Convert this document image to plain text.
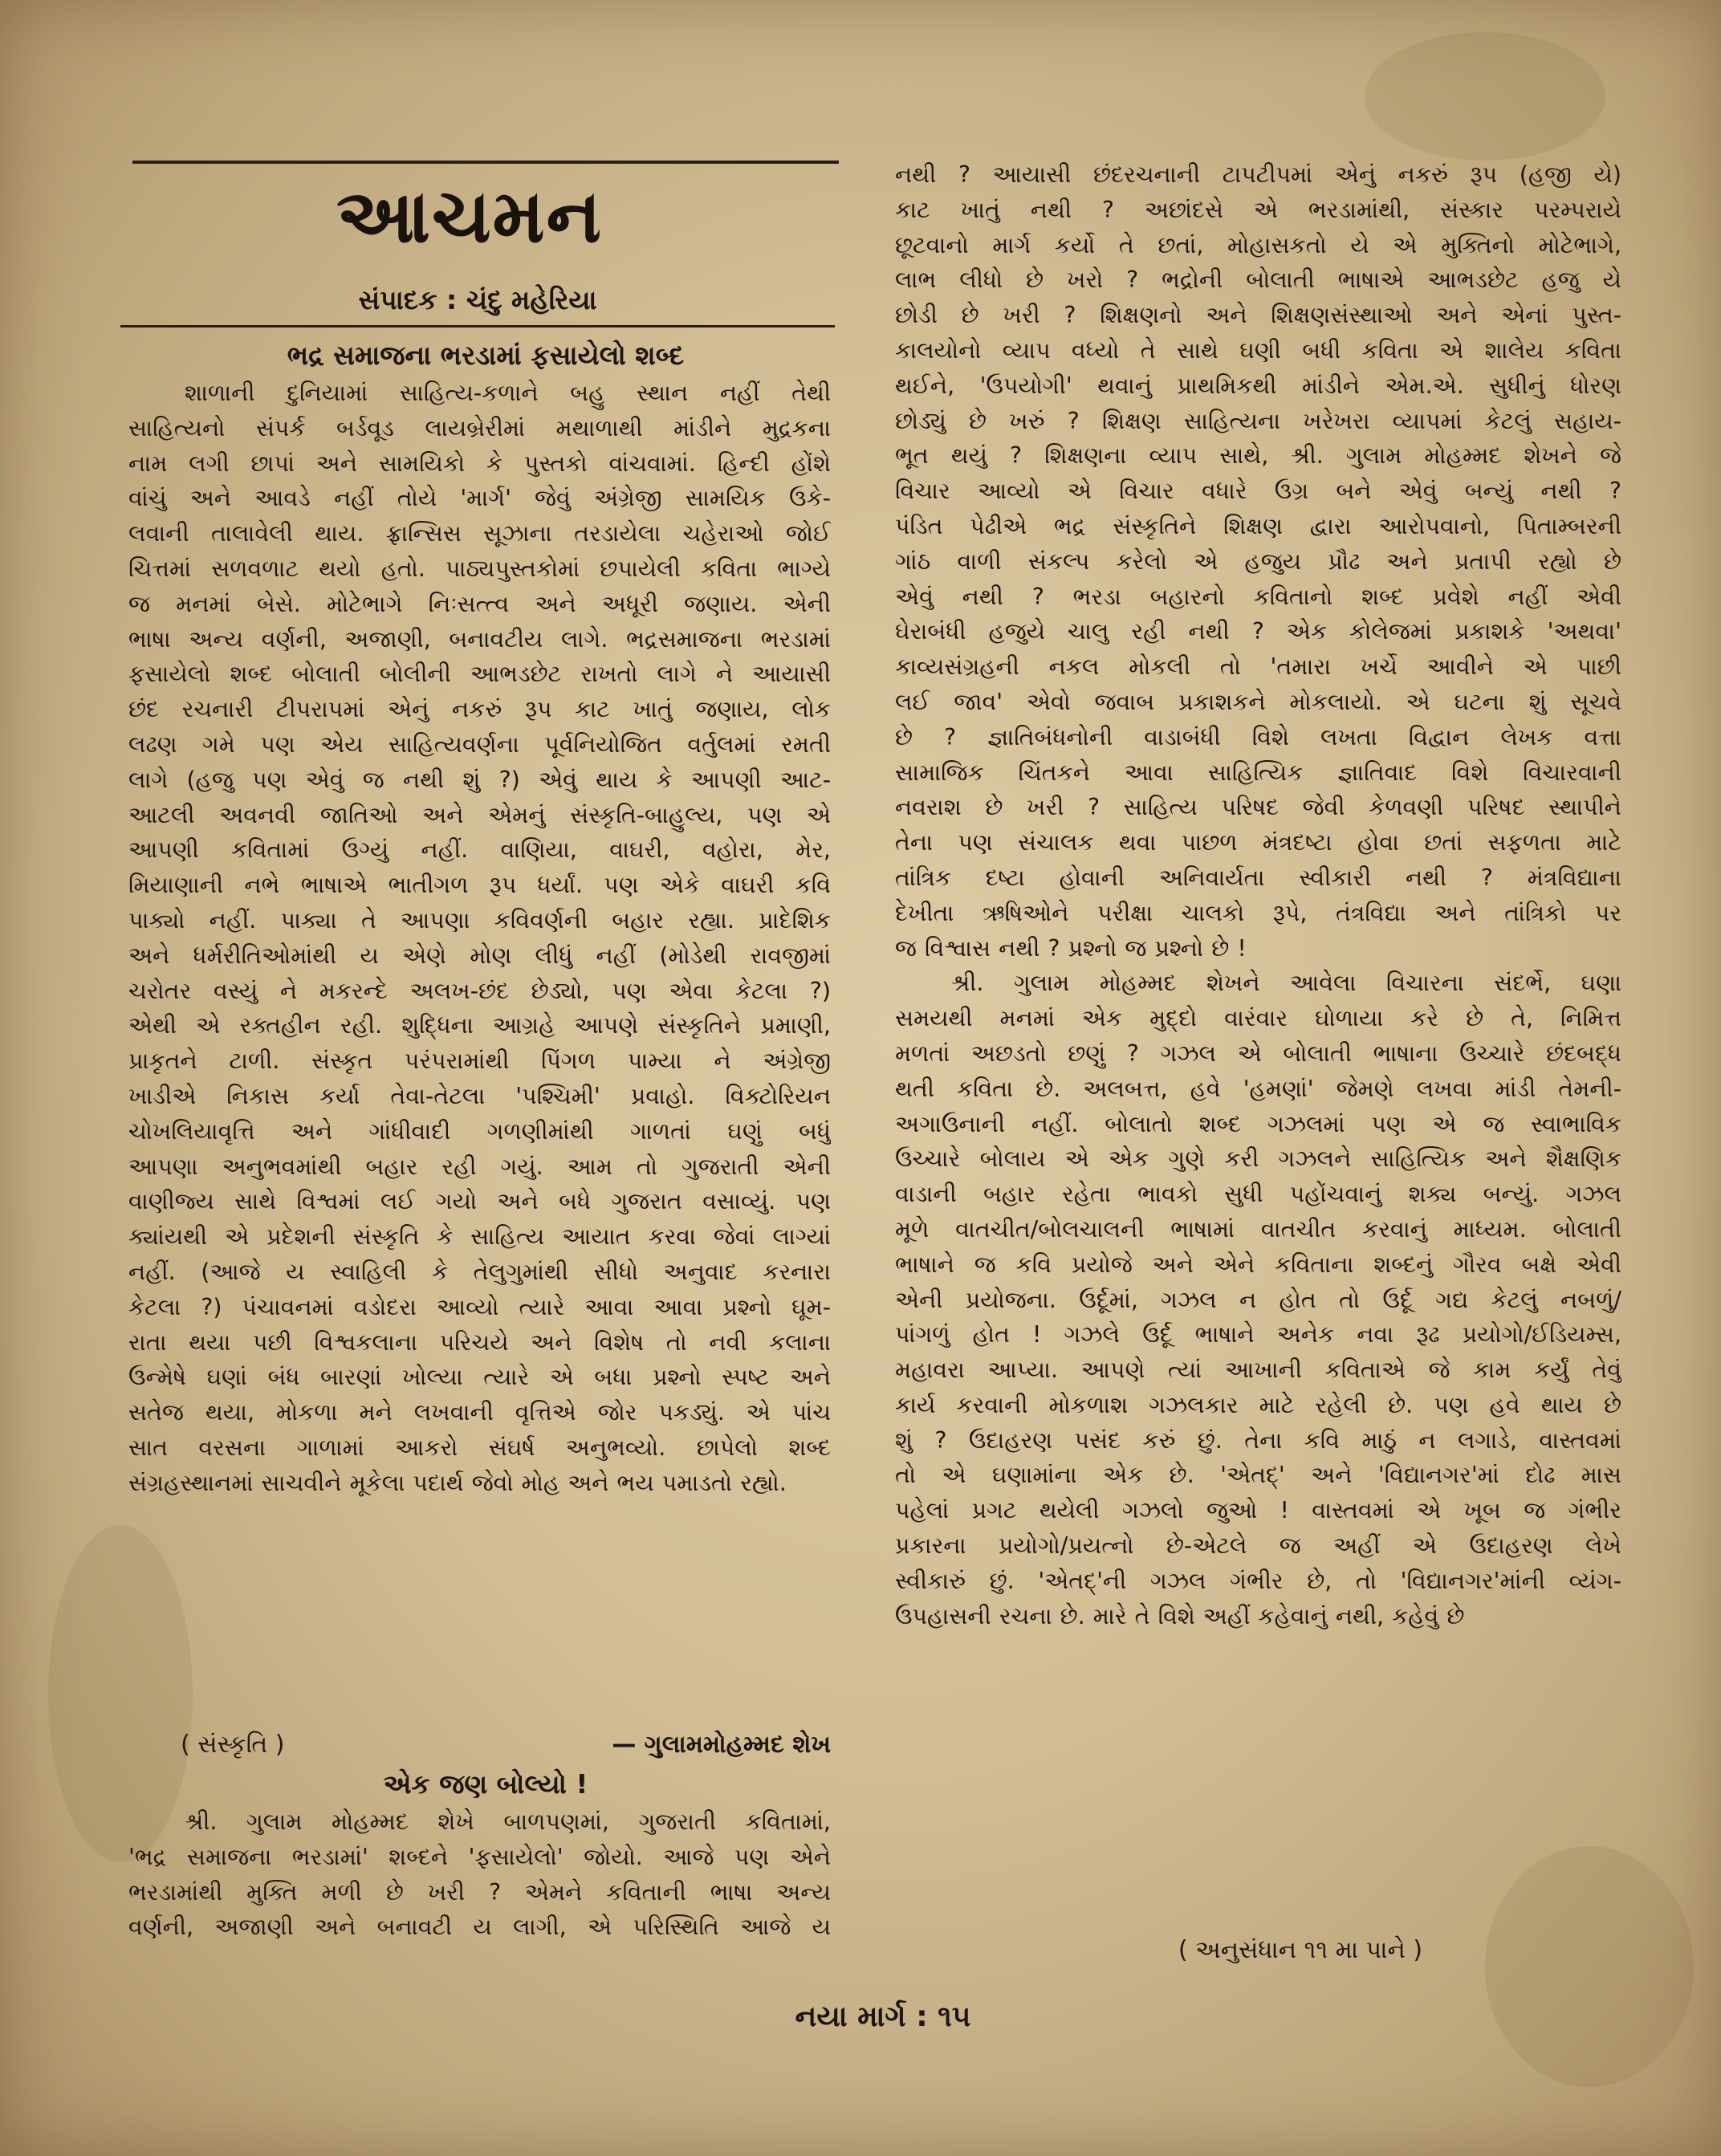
આચમન
સંપાદક : ચંદુ મહેરિયા
ભદ્ર સમાજના ભરડામાં ફસાયેલો શબ્દ
શાળાની દુનિયામાં સાહિત્ય-કળાને બહુ સ્થાન નહીં તેથી
સાહિત્યનો સંપર્ક બર્ડવૂડ લાયબ્રેરીમાં મથાળાથી માંડીને મુદ્રકના
નામ લગી છાપાં અને સામયિકો કે પુસ્તકો વાંચવામાં. હિન્દી હોંશે
વાંચું અને આવડે નહીં તોયે 'માર્ગ' જેવું અંગ્રેજી સામયિક ઉકે-
લવાની તાલાવેલી થાય. ફ્રાન્સિસ સૂઝાના તરડાયેલા ચહેરાઓ જોઈ
ચિત્તમાં સળવળાટ થયો હતો. પાઠ્યપુસ્તકોમાં છપાયેલી કવિતા ભાગ્યે
જ મનમાં બેસે. મોટેભાગે નિઃસત્ત્વ અને અધૂરી જણાય. એની
ભાષા અન્ય વર્ણની, અજાણી, બનાવટીય લાગે. ભદ્રસમાજના ભરડામાં
ફસાયેલો શબ્દ બોલાતી બોલીની આભડછેટ રાખતો લાગે ને આયાસી
છંદ રચનારી ટીપરાપમાં એનું નકરું રૂપ કાટ ખાતું જણાય, લોક
લઢણ ગમે પણ એય સાહિત્યવર્ણના પૂર્વનિયોજિત વર્તુલમાં રમતી
લાગે (હજુ પણ એવું જ નથી શું ?) એવું થાય કે આપણી આટ-
આટલી અવનવી જાતિઓ અને એમનું સંસ્કૃતિ-બાહુલ્ય, પણ એ
આપણી કવિતામાં ઉગ્યું નહીં. વાણિયા, વાઘરી, વહોરા, મેર,
મિયાણાની નભે ભાષાએ ભાતીગળ રૂપ ધર્યાં. પણ એકે વાઘરી કવિ
પાક્યો નહીં. પાક્યા તે આપણા કવિવર્ણની બહાર રહ્યા. પ્રાદેશિક
અને ધર્મરીતિઓમાંથી ય એણે મોણ લીધું નહીં (મોડેથી રાવજીમાં
ચરોતર વસ્યું ને મકરન્દે અલખ-છંદ છેડ્યો, પણ એવા કેટલા ?)
એથી એ રક્તહીન રહી. શુદ્ધિના આગ્રહે આપણે સંસ્કૃતિને પ્રમાણી,
પ્રાકૃતને ટાળી. સંસ્કૃત પરંપરામાંથી પિંગળ પામ્યા ને અંગ્રેજી
ખાડીએ નિકાસ કર્યા તેવા-તેટલા 'પશ્ચિમી' પ્રવાહો. વિક્ટોરિયન
ચોખલિયાવૃત્તિ અને ગાંધીવાદી ગળણીમાંથી ગાળતાં ઘણું બધું
આપણા અનુભવમાંથી બહાર રહી ગયું. આમ તો ગુજરાતી એની
વાણીજ્ય સાથે વિશ્વમાં લઈ ગયો અને બધે ગુજરાત વસાવ્યું. પણ
ક્યાંયથી એ પ્રદેશની સંસ્કૃતિ કે સાહિત્ય આયાત કરવા જેવાં લાગ્યાં
નહીં. (આજે ય સ્વાહિલી કે તેલુગુમાંથી સીધો અનુવાદ કરનારા
કેટલા ?) પંચાવનમાં વડોદરા આવ્યો ત્યારે આવા આવા પ્રશ્નો ઘૂમ-
રાતા થયા પછી વિશ્વકલાના પરિચયે અને વિશેષ તો નવી કલાના
ઉન્મેષે ઘણાં બંધ બારણાં ખોલ્યા ત્યારે એ બધા પ્રશ્નો સ્પષ્ટ અને
સતેજ થયા, મોકળા મને લખવાની વૃત્તિએ જોર પકડ્યું. એ પાંચ
સાત વરસના ગાળામાં આકરો સંઘર્ષ અનુભવ્યો. છાપેલો શબ્દ
સંગ્રહસ્થાનમાં સાચવીને મૂકેલા પદાર્થ જેવો મોહ અને ભય પમાડતો રહ્યો.
( સંસ્કૃતિ )	— ગુલામમોહમ્મદ શેખ
એક જણ બોલ્યો !
શ્રી. ગુલામ મોહમ્મદ શેખે બાળપણમાં, ગુજરાતી કવિતામાં,
'ભદ્ર સમાજના ભરડામાં' શબ્દને 'ફસાયેલો' જોયો. આજે પણ એને
ભરડામાંથી મુક્તિ મળી છે ખરી ? એમને કવિતાની ભાષા અન્ય
વર્ણની, અજાણી અને બનાવટી ય લાગી, એ પરિસ્થિતિ આજે ય
નથી ? આયાસી છંદરચનાની ટાપટીપમાં એનું નકરું રૂપ (હજી યે)
કાટ ખાતું નથી ? અછાંદસે એ ભરડામાંથી, સંસ્કાર પરમ્પરાયે
છૂટવાનો માર્ગ કર્યો તે છતાં, મોહાસકતો યે એ મુક્તિનો મોટેભાગે,
લાભ લીધો છે ખરો ? ભદ્રોની બોલાતી ભાષાએ આભડછેટ હજુ યે
છોડી છે ખરી ? શિક્ષણનો અને શિક્ષણસંસ્થાઓ અને એનાં પુસ્ત-
કાલયોનો વ્યાપ વધ્યો તે સાથે ઘણી બધી કવિતા એ શાલેય કવિતા
થઈને, 'ઉપયોગી' થવાનું પ્રાથમિકથી માંડીને એમ.એ. સુધીનું ધોરણ
છોડ્યું છે ખરું ? શિક્ષણ સાહિત્યના ખરેખરા વ્યાપમાં કેટલું સહાય-
ભૂત થયું ? શિક્ષણના વ્યાપ સાથે, શ્રી. ગુલામ મોહમ્મદ શેખને જે
વિચાર આવ્યો એ વિચાર વધારે ઉગ્ર બને એવું બન્યું નથી ?
પંડિત પેઢીએ ભદ્ર સંસ્કૃતિને શિક્ષણ દ્વારા આરોપવાનો, પિતામ્બરની
ગાંઠ વાળી સંકલ્પ કરેલો એ હજુય પ્રૌઢ અને પ્રતાપી રહ્યો છે
એવું નથી ? ભરડા બહારનો કવિતાનો શબ્દ પ્રવેશે નહીં એવી
ઘેરાબંધી હજુયે ચાલુ રહી નથી ? એક કોલેજમાં પ્રકાશકે 'અથવા'
કાવ્યસંગ્રહની નકલ મોકલી તો 'તમારા ખર્ચે આવીને એ પાછી
લઈ જાવ' એવો જવાબ પ્રકાશકને મોકલાયો. એ ઘટના શું સૂચવે
છે ? જ્ઞાતિબંધનોની વાડાબંધી વિશે લખતા વિદ્વાન લેખક વત્તા
સામાજિક ચિંતકને આવા સાહિત્યિક જ્ઞાતિવાદ વિશે વિચારવાની
નવરાશ છે ખરી ? સાહિત્ય પરિષદ જેવી કેળવણી પરિષદ સ્થાપીને
તેના પણ સંચાલક થવા પાછળ મંત્રદષ્ટા હોવા છતાં સફળતા માટે
તાંત્રિક દષ્ટા હોવાની અનિવાર્યતા સ્વીકારી નથી ? મંત્રવિદ્યાના
દેખીતા ઋષિઓને પરીક્ષા ચાલકો રૂપે, તંત્રવિદ્યા અને તાંત્રિકો પર
જ વિશ્વાસ નથી ? પ્રશ્નો જ પ્રશ્નો છે !
શ્રી. ગુલામ મોહમ્મદ શેખને આવેલા વિચારના સંદર્ભે, ઘણા
સમયથી મનમાં એક મુદ્દો વારંવાર ઘોળાયા કરે છે તે, નિમિત્ત
મળતાં અછડતો છણું ? ગઝલ એ બોલાતી ભાષાના ઉચ્ચારે છંદબદ્ધ
થતી કવિતા છે. અલબત્ત, હવે 'હમણાં' જેમણે લખવા માંડી તેમની-
અગાઉનાની નહીં. બોલાતો શબ્દ ગઝલમાં પણ એ જ સ્વાભાવિક
ઉચ્ચારે બોલાય એ એક ગુણે કરી ગઝલને સાહિત્યિક અને શૈક્ષણિક
વાડાની બહાર રહેતા ભાવકો સુધી પહોંચવાનું શક્ય બન્યું. ગઝલ
મૂળે વાતચીત/બોલચાલની ભાષામાં વાતચીત કરવાનું માધ્યમ. બોલાતી
ભાષાને જ કવિ પ્રયોજે અને એને કવિતાના શબ્દનું ગૌરવ બક્ષે એવી
એની પ્રયોજના. ઉર્દૂમાં, ગઝલ ન હોત તો ઉર્દૂ ગદ્ય કેટલું નબળું/
પાંગળું હોત ! ગઝલે ઉર્દૂ ભાષાને અનેક નવા રૂઢ પ્રયોગો/ઈડિયમ્સ,
મહાવરા આપ્યા. આપણે ત્યાં આખાની કવિતાએ જે કામ કર્યું તેવું
કાર્ય કરવાની મોકળાશ ગઝલકાર માટે રહેલી છે. પણ હવે થાય છે
શું ? ઉદાહરણ પસંદ કરું છું. તેના કવિ માઠું ન લગાડે, વાસ્તવમાં
તો એ ઘણામાંના એક છે. 'એતદ્' અને 'વિદ્યાનગર'માં દોઢ માસ
પહેલાં પ્રગટ થયેલી ગઝલો જુઓ ! વાસ્તવમાં એ ખૂબ જ ગંભીર
પ્રકારના પ્રયોગો/પ્રયત્નો છે-એટલે જ અહીં એ ઉદાહરણ લેખે
સ્વીકારું છું. 'એતદ્'ની ગઝલ ગંભીર છે, તો 'વિદ્યાનગર'માંની વ્યંગ-
ઉપહાસની રચના છે. મારે તે વિશે અહીં કહેવાનું નથી, કહેવું છે
( અનુસંધાન ૧૧ મા પાને )
નયા માર્ગ : ૧૫
